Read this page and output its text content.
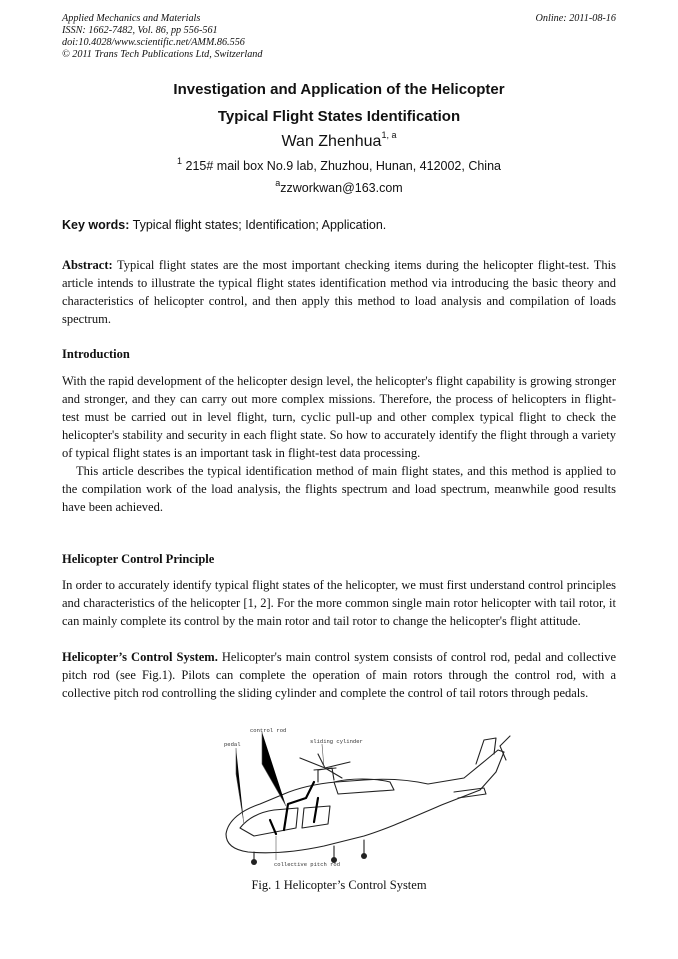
Applied Mechanics and Materials
ISSN: 1662-7482, Vol. 86, pp 556-561
doi:10.4028/www.scientific.net/AMM.86.556
© 2011 Trans Tech Publications Ltd, Switzerland
Online: 2011-08-16
Investigation and Application of the Helicopter
Typical Flight States Identification
Wan Zhenhua$^{1, a}$
$^1$ 215# mail box No.9 lab, Zhuzhou, Hunan, 412002, China
$^a$zzworkwan@163.com
Key words: Typical flight states; Identification; Application.

Abstract: Typical flight states are the most important checking items during the helicopter flight-test. This article intends to illustrate the typical flight states identification method via introducing the basic theory and characteristics of helicopter control, and then apply this method to load analysis and compilation of loads spectrum.

Introduction

With the rapid development of the helicopter design level, the helicopter's flight capability is growing stronger and stronger, and they can carry out more complex missions. Therefore, the process of helicopters in flight-test must be carried out in level flight, turn, cyclic pull-up and other complex typical flight to check the helicopter's stability and security in each flight state. So how to accurately identify the flight through a variety of typical flight states is an important task in flight-test data processing.

This article describes the typical identification method of main flight states, and this method is applied to the compilation work of the load analysis, the flights spectrum and load spectrum, meanwhile good results have been achieved.

Helicopter Control Principle
In order to accurately identify typical flight states of the helicopter, we must first understand control principles and characteristics of the helicopter [1, 2]. For the more common single main rotor helicopter with tail rotor, it can mainly complete its control by the main rotor and tail rotor to change the helicopter's flight attitude.

Helicopter’s Control System. Helicopter's main control system consists of control rod, pedal and collective pitch rod (see Fig.1). Pilots can complete the operation of main rotors through the control rod, with a collective pitch rod controlling the sliding cylinder and complete the control of tail rotors through pedals.

control rod
pedal	sliding cylinder
collective pitch rod
Fig. 1 Helicopter’s Control System
